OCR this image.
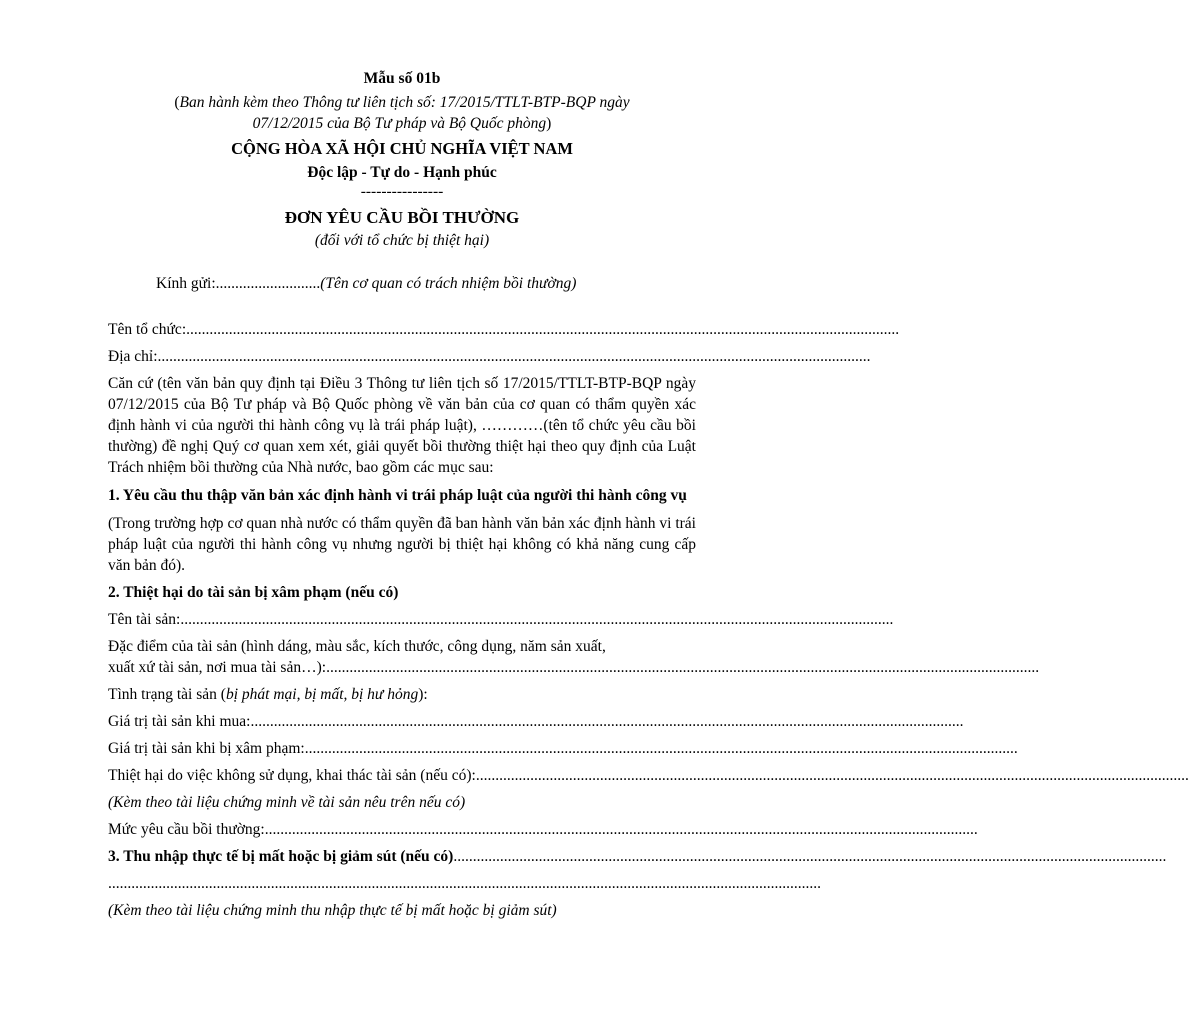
Mẫu số 01b
(Ban hành kèm theo Thông tư liên tịch số: 17/2015/TTLT-BTP-BQP ngày
07/12/2015 của Bộ Tư pháp và Bộ Quốc phòng)
CỘNG HÒA XÃ HỘI CHỦ NGHĨA VIỆT NAM
Độc lập - Tự do - Hạnh phúc
----------------
ĐƠN YÊU CẦU BỒI THƯỜNG
(đối với tổ chức bị thiệt hại)
Kính gửi:...........................(Tên cơ quan có trách nhiệm bồi thường)
Tên tổ chức: ........................................................................................................................................................................................
Địa chỉ: ........................................................................................................................................................................................
Căn cứ (tên văn bản quy định tại Điều 3 Thông tư liên tịch số 17/2015/TTLT-BTP-BQP ngày 07/12/2015 của Bộ Tư pháp và Bộ Quốc phòng về văn bản của cơ quan có thẩm quyền xác định hành vi của người thi hành công vụ là trái pháp luật), …………(tên tổ chức yêu cầu bồi thường) đề nghị Quý cơ quan xem xét, giải quyết bồi thường thiệt hại theo quy định của Luật Trách nhiệm bồi thường của Nhà nước, bao gồm các mục sau:
1. Yêu cầu thu thập văn bản xác định hành vi trái pháp luật của người thi hành công vụ
(Trong trường hợp cơ quan nhà nước có thẩm quyền đã ban hành văn bản xác định hành vi trái pháp luật của người thi hành công vụ nhưng người bị thiệt hại không có khả năng cung cấp văn bản đó).
2. Thiệt hại do tài sản bị xâm phạm (nếu có)
Tên tài sản: ........................................................................................................................................................................................
Đặc điểm của tài sản (hình dáng, màu sắc, kích thước, công dụng, năm sản xuất,
xuất xứ tài sản, nơi mua tài sản…): ........................................................................................................................................................................................
Tình trạng tài sản (bị phát mại, bị mất, bị hư hỏng):
Giá trị tài sản khi mua: ........................................................................................................................................................................................
Giá trị tài sản khi bị xâm phạm: ........................................................................................................................................................................................
Thiệt hại do việc không sử dụng, khai thác tài sản (nếu có): ........................................................................................................................................................................................
(Kèm theo tài liệu chứng minh về tài sản nêu trên nếu có)
Mức yêu cầu bồi thường: ........................................................................................................................................................................................
3. Thu nhập thực tế bị mất hoặc bị giảm sút (nếu có) ........................................................................................................................................................................................
........................................................................................................................................................................................
(Kèm theo tài liệu chứng minh thu nhập thực tế bị mất hoặc bị giảm sút)
